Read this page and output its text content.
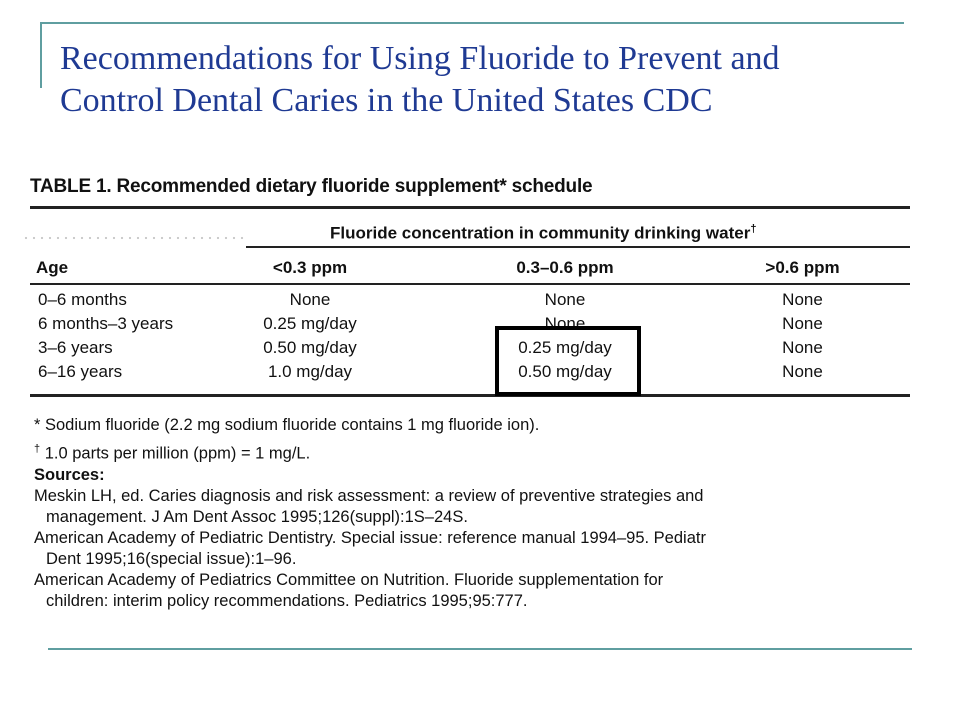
Recommendations for Using Fluoride to Prevent and
Control Dental Caries in the United States CDC
TABLE 1. Recommended dietary fluoride supplement* schedule
Fluoride concentration in community drinking water†
Age	<0.3 ppm	0.3–0.6 ppm	>0.6 ppm
0–6 months	None	None	None
6 months–3 years	0.25 mg/day	None	None
3–6 years	0.50 mg/day	0.25 mg/day	None
6–16 years	1.0 mg/day	0.50 mg/day	None
* Sodium fluoride (2.2 mg sodium fluoride contains 1 mg fluoride ion).
† 1.0 parts per million (ppm) = 1 mg/L.
Sources:
Meskin LH, ed. Caries diagnosis and risk assessment: a review of preventive strategies and
management. J Am Dent Assoc 1995;126(suppl):1S–24S.
American Academy of Pediatric Dentistry. Special issue: reference manual 1994–95. Pediatr
Dent 1995;16(special issue):1–96.
American Academy of Pediatrics Committee on Nutrition. Fluoride supplementation for
children: interim policy recommendations. Pediatrics 1995;95:777.
